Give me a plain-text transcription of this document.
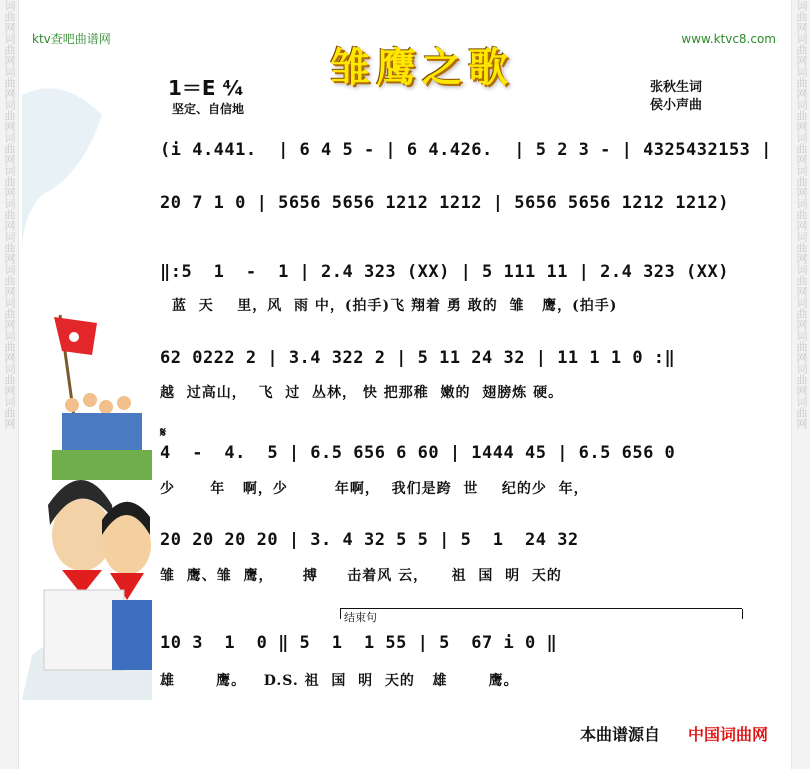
词曲网词曲网词曲网词曲网词曲网词曲网词曲网词曲网词曲网词曲网词曲网词曲网词曲网	词曲网词曲网词曲网词曲网词曲网词曲网词曲网词曲网词曲网词曲网词曲网词曲网词曲网
ktv查吧曲谱网	www.ktvc8.com
雏鹰之歌
1＝E ⁴⁄₄
坚定、自信地
张秋生词
侯小声曲
(i 4.441.  | 6 4 5 - | 6 4.426.  | 5 2 3 - | 4325432153 |
20 7 1 0 | 5656 5656 1212 1212 | 5656 5656 1212 1212)
‖:5  1  -  1 | 2.4 323 (XX) | 5 111 11 | 2.4 323 (XX)
蓝  天    里，风  雨 中，(拍手)飞 翔着 勇 敢的  雏   鹰，(拍手)
62 0222 2 | 3.4 322 2 | 5 11 24 32 | 11 1 1 0 :‖
越  过高山，  飞  过  丛林， 快 把那稚  嫩的  翅膀炼 硬。
𝄋
4  -  4.  5 | 6.5 656 6 60 | 1444 45 | 6.5 656 0
少      年   啊，少        年啊，  我们是跨  世    纪的少  年，
20 20 20 20 | 3. 4 32 5 5 | 5  1  24 32
雏  鹰、雏  鹰，     搏     击着风 云，    祖  国  明  天的
结束句
10 3  1  0 ‖ 5  1  1 55 | 5  67 i 0 ‖
雄       鹰。   D.S. 祖  国  明  天的   雄       鹰。
本曲谱源自 中国词曲网
